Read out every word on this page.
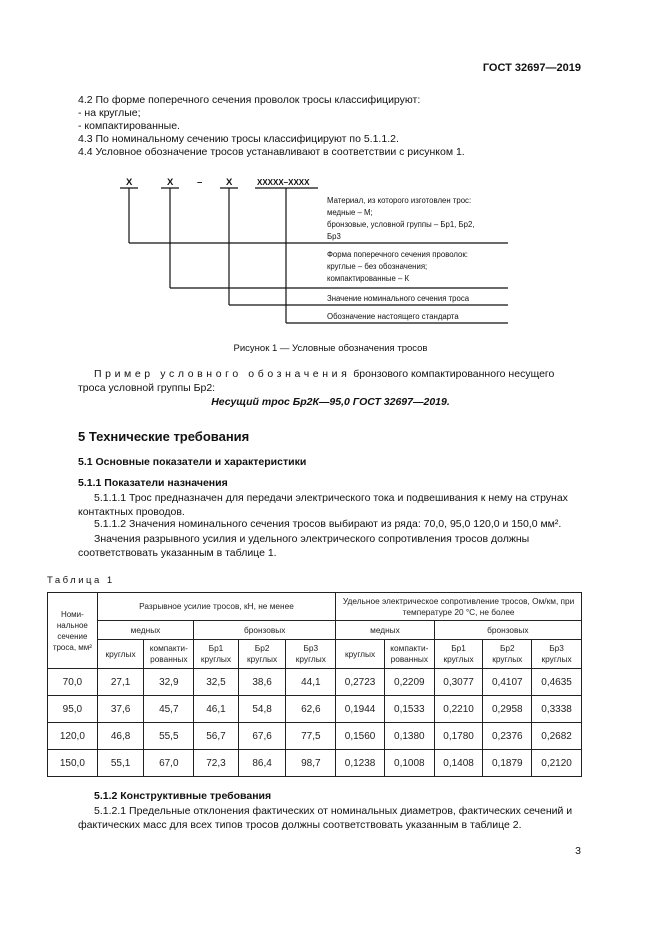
ГОСТ 32697—2019
4.2 По форме поперечного сечения проволок тросы классифицируют:
- на круглые;
- компактированные.
4.3 По номинальному сечению тросы классифицируют по 5.1.1.2.
4.4 Условное обозначение тросов устанавливают в соответствии с рисунком 1.
Х	Х – Х	ХХХХХ–ХХХХ
Материал, из которого изготовлен трос:
медные – М;
бронзовые, условной группы – Бр1, Бр2,
Бр3
Форма поперечного сечения проволок:
круглые – без обозначения;
компактированные – К
Значение номинального сечения троса
Обозначение настоящего стандарта
Рисунок 1 — Условные обозначения тросов
Пример условного обозначения бронзового компактированного несущего троса условной группы Бр2:
Несущий трос Бр2К—95,0 ГОСТ 32697—2019.
5 Технические требования
5.1 Основные показатели и характеристики
5.1.1 Показатели назначения
5.1.1.1 Трос предназначен для передачи электрического тока и подвешивания к нему на струнах контактных проводов.
5.1.1.2 Значения номинального сечения тросов выбирают из ряда: 70,0, 95,0 120,0 и 150,0 мм².
Значения разрывного усилия и удельного электрического сопротивления тросов должны соответствовать указанным в таблице 1.
Таблица 1
Номи-нальное сечение троса, мм²	Разрывное усилие тросов, кН, не менее					Удельное электрическое сопротивление тросов, Ом/км, при температуре 20 °С, не более				
	медных		бронзовых			медных		бронзовых		
	круглых	компакти-рованных	Бр1 круглых	Бр2 круглых	Бр3 круглых	круглых	компакти-рованных	Бр1 круглых	Бр2 круглых	Бр3 круглых
70,0	27,1	32,9	32,5	38,6	44,1	0,2723	0,2209	0,3077	0,4107	0,4635
95,0	37,6	45,7	46,1	54,8	62,6	0,1944	0,1533	0,2210	0,2958	0,3338
120,0	46,8	55,5	56,7	67,6	77,5	0,1560	0,1380	0,1780	0,2376	0,2682
150,0	55,1	67,0	72,3	86,4	98,7	0,1238	0,1008	0,1408	0,1879	0,2120
5.1.2 Конструктивные требования
5.1.2.1 Предельные отклонения фактических от номинальных диаметров, фактических сечений и фактических масс для всех типов тросов должны соответствовать указанным в таблице 2.
3
